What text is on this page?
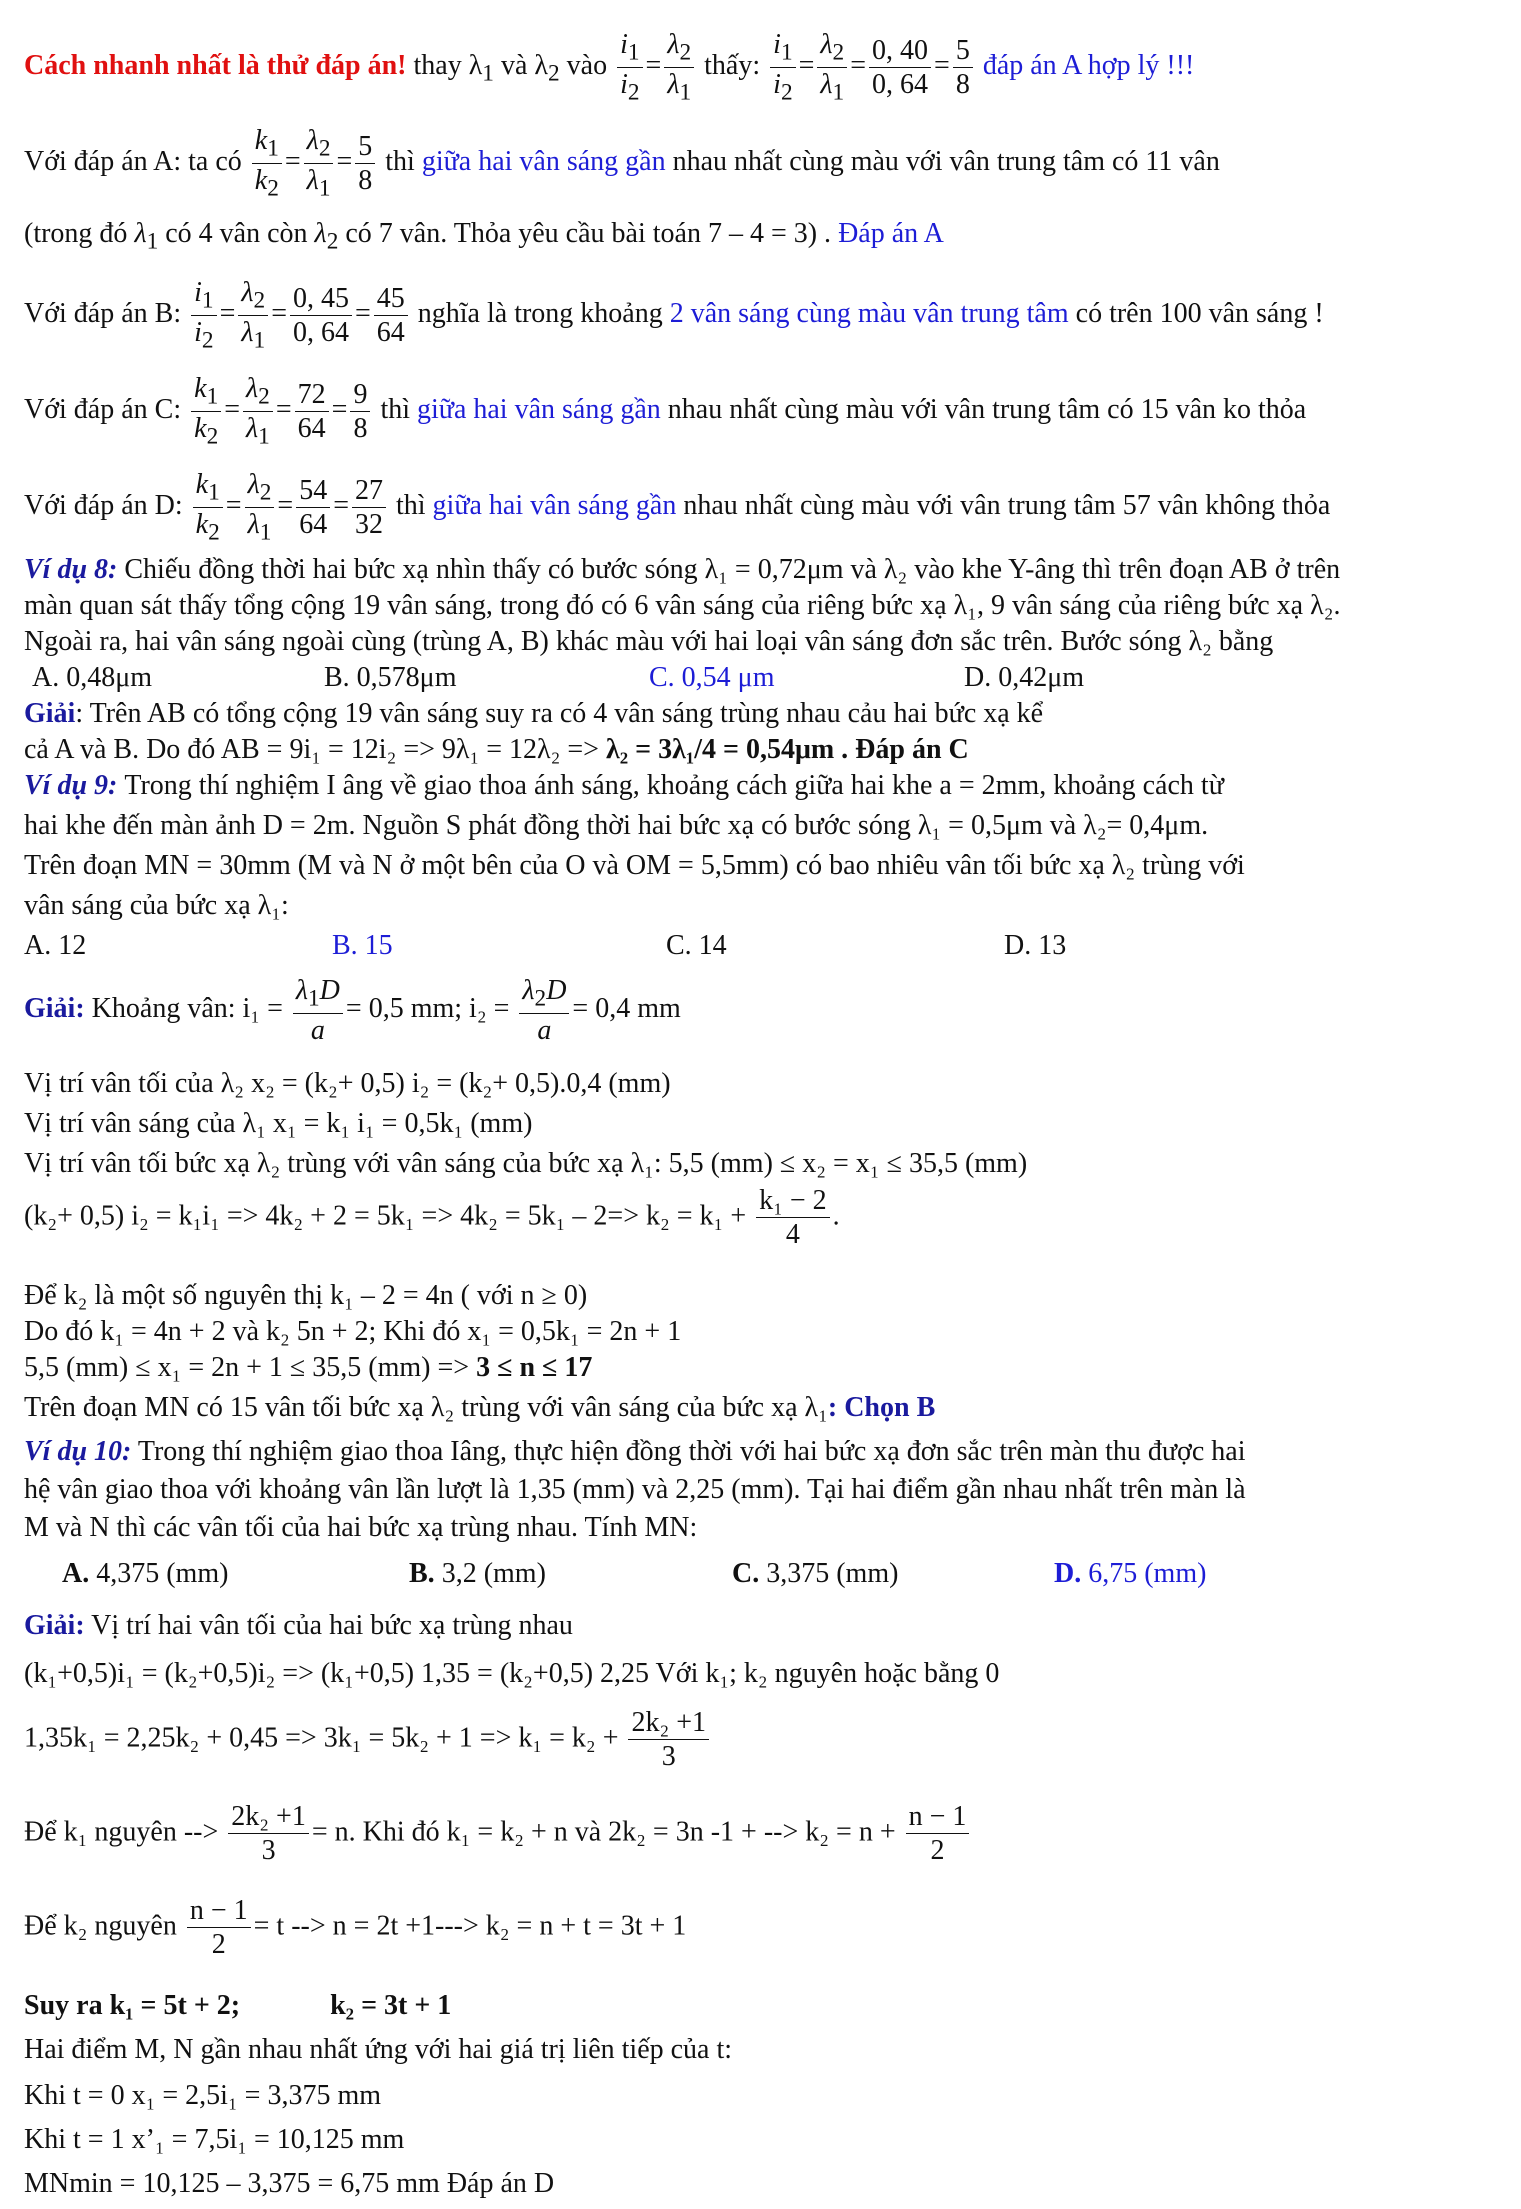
Cách nhanh nhất là thử đáp án! thay $\lambda_1$ và $\lambda_2$ vào $\frac{i_1}{i_2} = \frac{\lambda_2}{\lambda_1}$ thấy: $\frac{i_1}{i_2} = \frac{\lambda_2}{\lambda_1} = \frac{0, 40}{0, 64} = \frac{5}{8}$ đáp án A hợp lý !!!
Với đáp án A: ta có $\frac{k_1}{k_2} = \frac{\lambda_2}{\lambda_1} = \frac{5}{8}$ thì giữa hai vân sáng gần nhau nhất cùng màu với vân trung tâm có 11 vân
(trong đó $\lambda_1$ có 4 vân còn $\lambda_2$ có 7 vân. Thỏa yêu cầu bài toán 7 – 4 = 3) . Đáp án A
Với đáp án B: $\frac{i_1}{i_2} = \frac{\lambda_2}{\lambda_1} = \frac{0, 45}{0, 64} = \frac{45}{64}$ nghĩa là trong khoảng 2 vân sáng cùng màu vân trung tâm có trên 100 vân sáng !
Với đáp án C: $\frac{k_1}{k_2} = \frac{\lambda_2}{\lambda_1} = \frac{72}{64} = \frac{9}{8}$ thì giữa hai vân sáng gần nhau nhất cùng màu với vân trung tâm có 15 vân ko thỏa
Với đáp án D: $\frac{k_1}{k_2} = \frac{\lambda_2}{\lambda_1} = \frac{54}{64} = \frac{27}{32}$ thì giữa hai vân sáng gần nhau nhất cùng màu với vân trung tâm 57 vân không thỏa
Ví dụ 8: Chiếu đồng thời hai bức xạ nhìn thấy có bước sóng λ₁ = 0,72μm và λ₂ vào khe Y-âng thì trên đoạn AB ở trên
màn quan sát thấy tổng cộng 19 vân sáng, trong đó có 6 vân sáng của riêng bức xạ λ₁, 9 vân sáng của riêng bức xạ λ₂.
Ngoài ra, hai vân sáng ngoài cùng (trùng A, B) khác màu với hai loại vân sáng đơn sắc trên. Bước sóng λ₂ bằng
A. 0,48μm	B. 0,578μm	C. 0,54 μm	D. 0,42μm
Giải: Trên AB có tổng cộng 19 vân sáng suy ra có 4 vân sáng trùng nhau cảu hai bức xạ kể
cả A và B. Do đó AB = 9i₁ = 12i₂ => 9λ₁ = 12λ₂ => λ₂ = 3λ₁/4 = 0,54μm . Đáp án C
Ví dụ 9: Trong thí nghiệm I âng về giao thoa ánh sáng, khoảng cách giữa hai khe a = 2mm, khoảng cách từ
hai khe đến màn ảnh D = 2m. Nguồn S phát đồng thời hai bức xạ có bước sóng λ₁ = 0,5μm và λ₂= 0,4μm.
Trên đoạn MN = 30mm (M và N ở một bên của O và OM = 5,5mm) có bao nhiêu vân tối bức xạ λ₂ trùng với
vân sáng của bức xạ λ₁:
A. 12	B. 15	C. 14	D. 13
Giải: Khoảng vân: $i_1 = \frac{\lambda_1D}{a} = 0,5$ mm; $i_2 = \frac{\lambda_2D}{a} = 0,4$ mm
Vị trí vân tối của λ₂ x₂ = (k₂+ 0,5) i₂ = (k₂+ 0,5).0,4 (mm)
Vị trí vân sáng của λ₁ x₁ = k₁ i₁ = 0,5k₁ (mm)
Vị trí vân tối bức xạ λ₂ trùng với vân sáng của bức xạ λ₁: 5,5 (mm) ≤ x₂ = x₁ ≤ 35,5 (mm)
(k₂+ 0,5) $i_2 = k_1i_1 => 4k_2 + 2 = 5k_1 => 4k_2 = 5k_1 - 2=> k_2 = k_1 + \frac{\text{k₁ − 2}}{4}$ .
Để k₂ là một số nguyên thị k₁ – 2 = 4n ( với n ≥ 0)
Do đó k₁ = 4n + 2 và k₂ 5n + 2; Khi đó x₁ = 0,5k₁ = 2n + 1
5,5 (mm) ≤ x₁ = 2n + 1 ≤ 35,5 (mm) => 3 ≤ n ≤ 17
Trên đoạn MN có 15 vân tối bức xạ λ₂ trùng với vân sáng của bức xạ λ₁: Chọn B
Ví dụ 10: Trong thí nghiệm giao thoa Iâng, thực hiện đồng thời với hai bức xạ đơn sắc trên màn thu được hai
hệ vân giao thoa với khoảng vân lần lượt là 1,35 (mm) và 2,25 (mm). Tại hai điểm gần nhau nhất trên màn là
M và N thì các vân tối của hai bức xạ trùng nhau. Tính MN:
A. 4,375 (mm)	B. 3,2 (mm)	C. 3,375 (mm)	D. 6,75 (mm)
Giải: Vị trí hai vân tối của hai bức xạ trùng nhau
(k₁+0,5)i₁ = (k₂+0,5)i₂ => (k₁+0,5) 1,35 = (k₂+0,5) 2,25 Với k₁; k₂ nguyên hoặc bằng 0
$1,35k_1 = 2,25k_2 + 0,45 => 3k_1 = 5k_2 + 1 => k_1 = k_2 + \frac{\text{2k₂ +1}}{3}$
Để k₁ nguyên --> $\frac{\text{2k₂ +1}}{3} = n$. Khi đó k₁ = k₂ + n và 2k₂ = 3n -1 + --> $k_2 = n + \frac{n - 1}{2}$
Để k₂ nguyên $\frac{n - 1}{2} = t$ --> n = 2t +1---> k₂ = n + t = 3t + 1
Suy ra k₁ = 5t + 2;	k₂ = 3t + 1
Hai điểm M, N gần nhau nhất ứng với hai giá trị liên tiếp của t:
Khi t = 0 x₁ = 2,5i₁ = 3,375 mm
Khi t = 1 x’₁ = 7,5i₁ = 10,125 mm
MNmin = 10,125 – 3,375 = 6,75 mm Đáp án D
